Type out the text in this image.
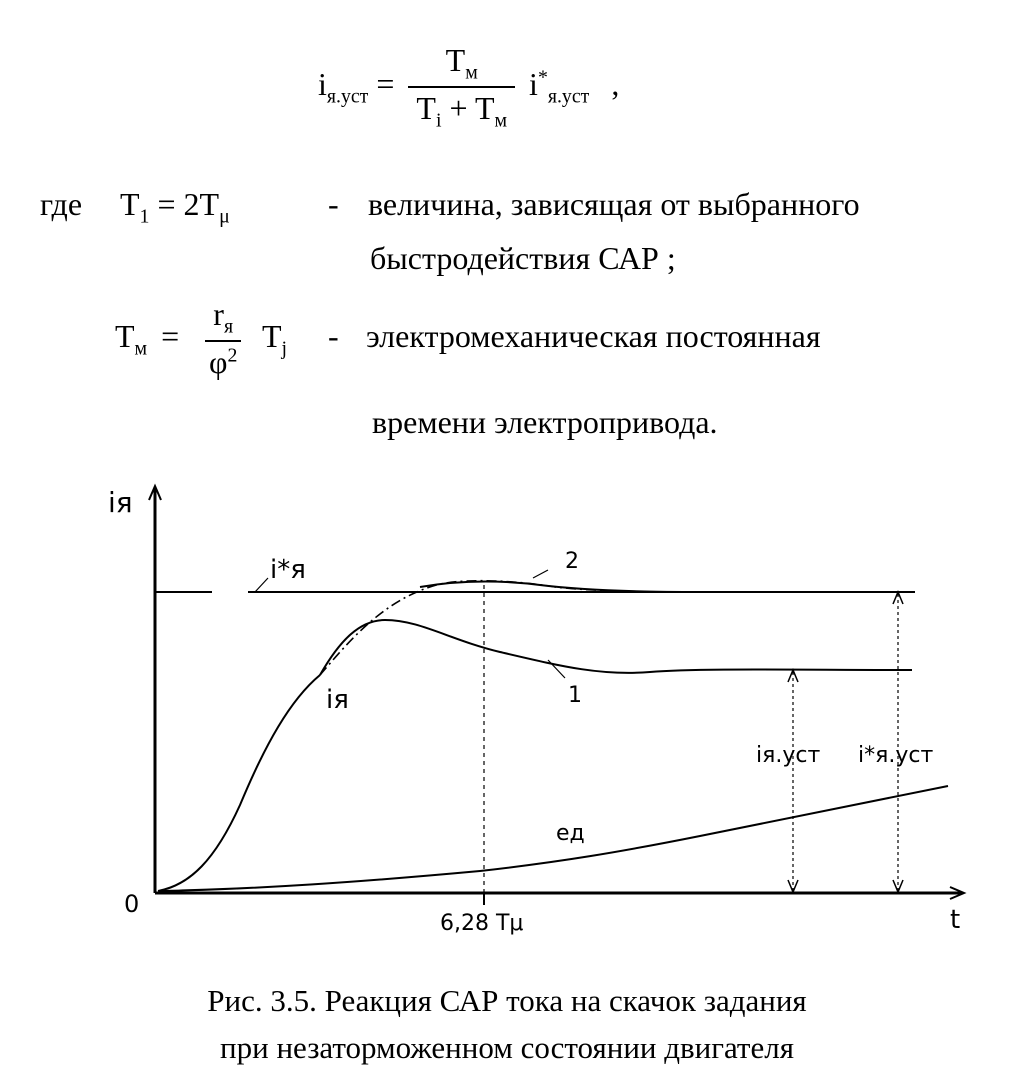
$i_{я.уст} = \frac{T_м}{T_i + T_м} i^*_{я.уст}$ ,
где $T_1 = 2T_\mu$	- величина, зависящая от выбранного
быстродействия САР ;
$T_м = \frac{r_я}{\varphi^2} T_j$ - электромеханическая постоянная
времени электропривода.
iя
t
0
6,28 Tμ
i*я	2
1
iя
iя.уст i*я.уст
eд
Рис. 3.5. Реакция САР тока на скачок задания
при незаторможенном состоянии двигателя
